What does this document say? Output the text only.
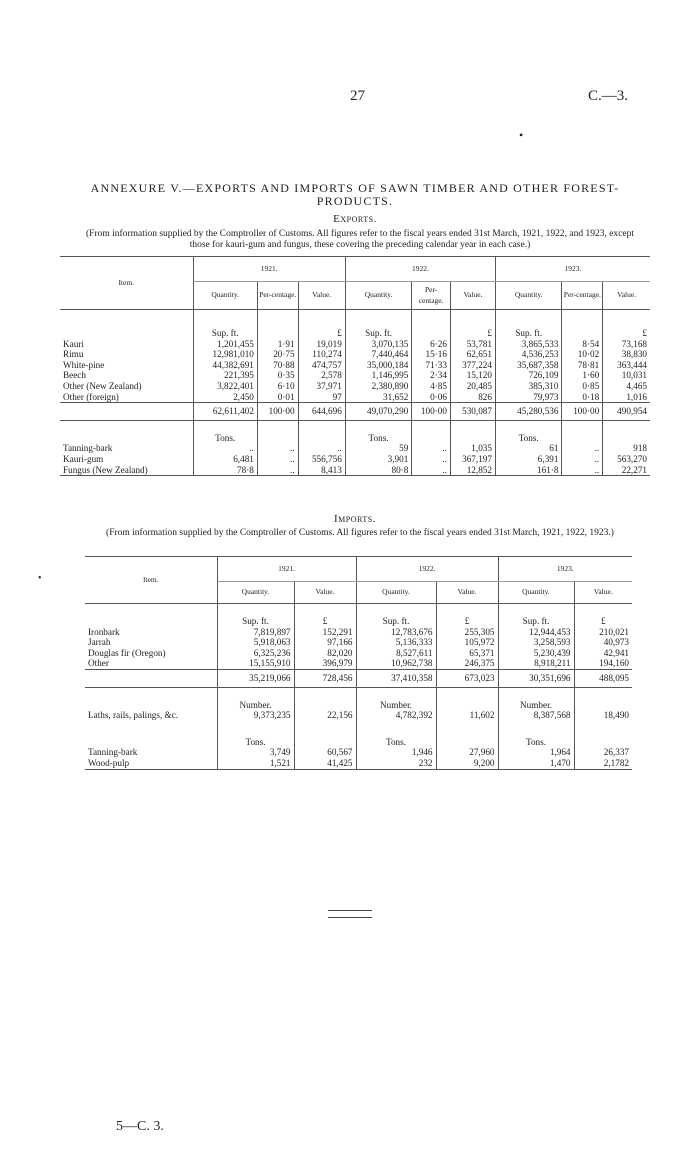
27	C.—3.
•
ANNEXURE V.—EXPORTS AND IMPORTS OF SAWN TIMBER AND OTHER FOREST-PRODUCTS.
Exports.
(From information supplied by the Comptroller of Customs. All figures refer to the fiscal years ended 31st March, 1921, 1922, and 1923, except those for kauri-gum and fungus, these covering the preceding calendar year in each case.)
Item.	1921.			1922.			1923.		
	Quantity.	Per-centage.	Value.	Quantity.	Per-centage.	Value.	Quantity.	Per-centage.	Value.

	Sup. ft.		£	Sup. ft.		£	Sup. ft.		£
Kauri	1,201,455	1·91	19,019	3,070,135	6·26	53,781	3,865,533	8·54	73,168
Rimu	12,981,010	20·75	110,274	7,440,464	15·16	62,651	4,536,253	10·02	38,830
White-pine	44,382,691	70·88	474,757	35,000,184	71·33	377,224	35,687,358	78·81	363,444
Beech	221,395	0·35	2,578	1,146,995	2·34	15,120	726,109	1·60	10,031
Other (New Zealand)	3,822,401	6·10	37,971	2,380,890	4·85	20,485	385,310	0·85	4,465
Other (foreign)	2,450	0·01	97	31,652	0·06	826	79,973	0·18	1,016
	62,611,402	100·00	644,696	49,070,290	100·00	530,087	45,280,536	100·00	490,954

	Tons.			Tons.			Tons.		
Tanning-bark	..	..	..	59	..	1,035	61	..	918
Kauri-gum	6,481	..	556,756	3,901	..	367,197	6,391	..	563,270
Fungus (New Zealand)	78·8	..	8,413	80·8	..	12,852	161·8	..	22,271
Imports.
(From information supplied by the Comptroller of Customs. All figures refer to the fiscal years ended 31st March, 1921, 1922, 1923.)
•	Item.	1921.		1922.		1923.	
	Quantity.	Value.	Quantity.	Value.	Quantity.	Value.

	Sup. ft.	£	Sup. ft.	£	Sup. ft.	£
Ironbark	7,819,897	152,291	12,783,676	255,305	12,944,453	210,021
Jarrah	5,918,063	97,166	5,136,333	105,972	3,258,593	40,973
Douglas fir (Oregon)	6,325,236	82,020	8,527,611	65,371	5,230,439	42,941
Other	15,155,910	396,979	10,962,738	246,375	8,918,211	194,160
	35,219,066	728,456	37,410,358	673,023	30,351,696	488,095

	Number.		Number.		Number.	
Laths, rails, palings, &c.	9,373,235	22,156	4,782,392	11,602	8,387,568	18,490

	Tons.		Tons.		Tons.	
Tanning-bark	3,749	60,567	1,946	27,960	1,964	26,337
Wood-pulp	1,521	41,425	232	9,200	1,470	2,1782
5—C. 3.
